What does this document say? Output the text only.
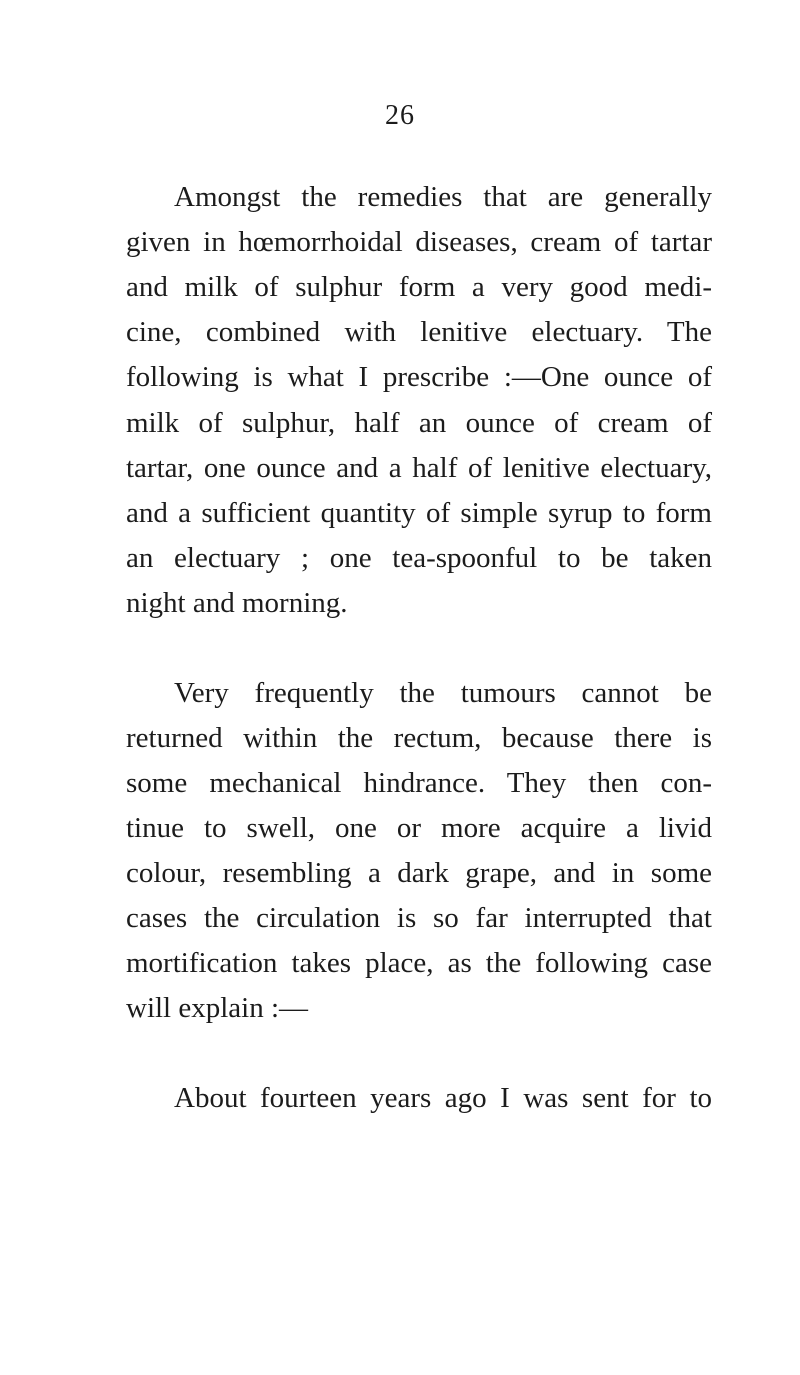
26
Amongst the remedies that are generally
given in hœmorrhoidal diseases, cream of tartar
and milk of sulphur form a very good medi-
cine, combined with lenitive electuary. The
following is what I prescribe :—One ounce of
milk of sulphur, half an ounce of cream of
tartar, one ounce and a half of lenitive electuary,
and a sufficient quantity of simple syrup to form
an electuary ; one tea-spoonful to be taken
night and morning.
Very frequently the tumours cannot be
returned within the rectum, because there is
some mechanical hindrance. They then con-
tinue to swell, one or more acquire a livid
colour, resembling a dark grape, and in some
cases the circulation is so far interrupted that
mortification takes place, as the following case
will explain :—
About fourteen years ago I was sent for to
